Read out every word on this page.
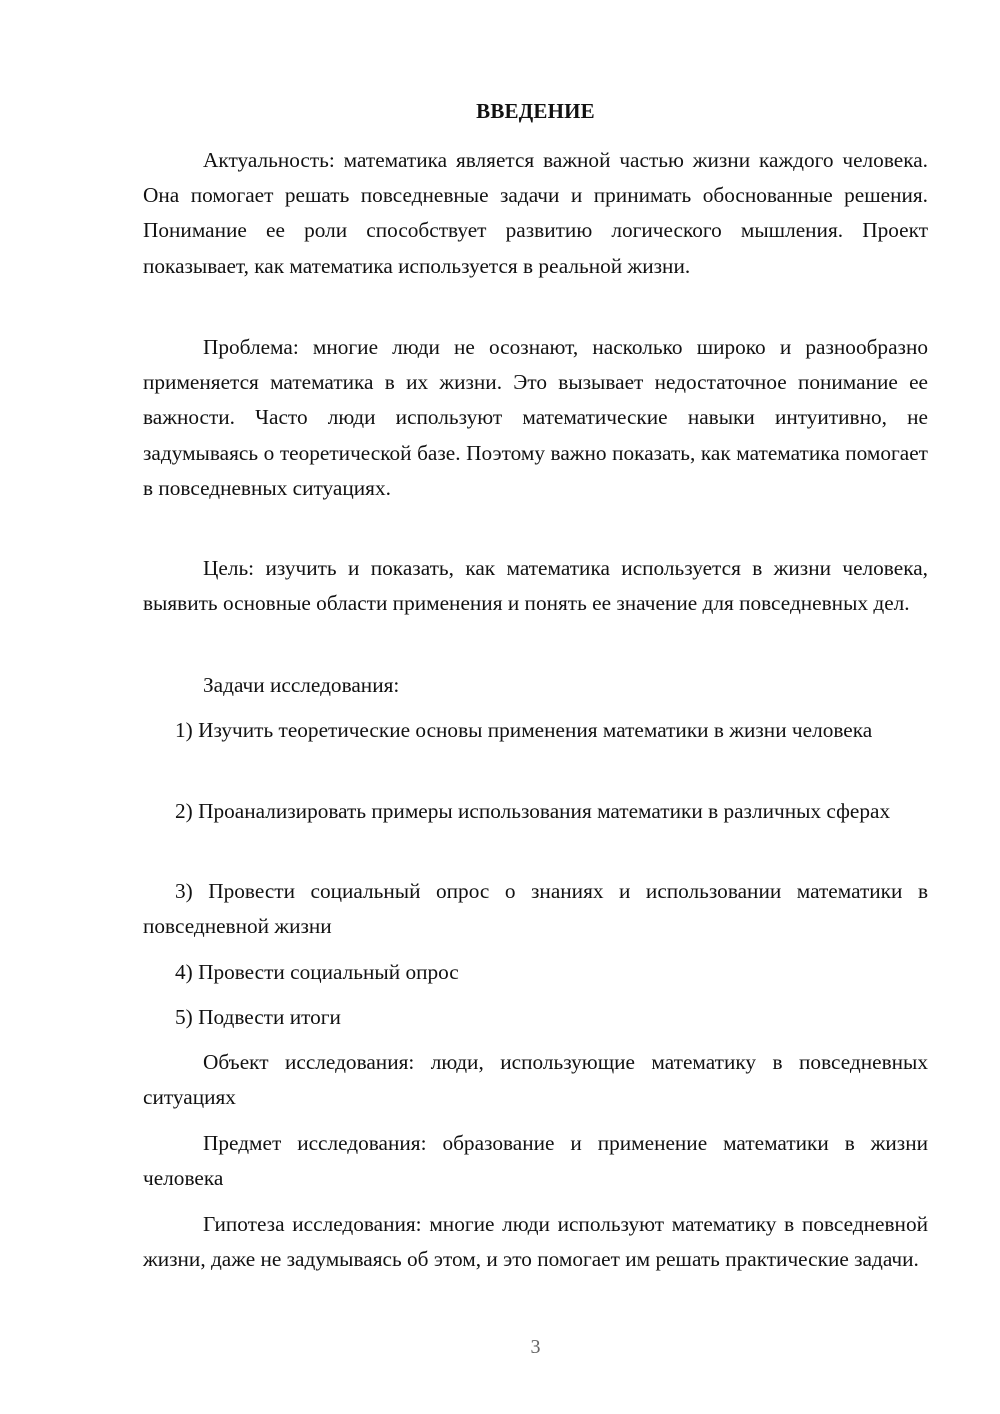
ВВЕДЕНИЕ

Актуальность: математика является важной частью жизни каждого человека. Она помогает решать повседневные задачи и принимать обоснованные решения. Понимание ее роли способствует развитию логического мышления. Проект показывает, как математика используется в реальной жизни.

Проблема: многие люди не осознают, насколько широко и разнообразно применяется математика в их жизни. Это вызывает недостаточное понимание ее важности. Часто люди используют математические навыки интуитивно, не задумываясь о теоретической базе. Поэтому важно показать, как математика помогает в повседневных ситуациях.

Цель: изучить и показать, как математика используется в жизни человека, выявить основные области применения и понять ее значение для повседневных дел.

Задачи исследования:

1) Изучить теоретические основы применения математики в жизни человека

2) Проанализировать примеры использования математики в различных сферах

3) Провести социальный опрос о знаниях и использовании математики в повседневной жизни

4) Провести социальный опрос

5) Подвести итоги

Объект исследования: люди, использующие математику в повседневных ситуациях

Предмет исследования: образование и применение математики в жизни человека

Гипотеза исследования: многие люди используют математику в повседневной жизни, даже не задумываясь об этом, и это помогает им решать практические задачи.

3
